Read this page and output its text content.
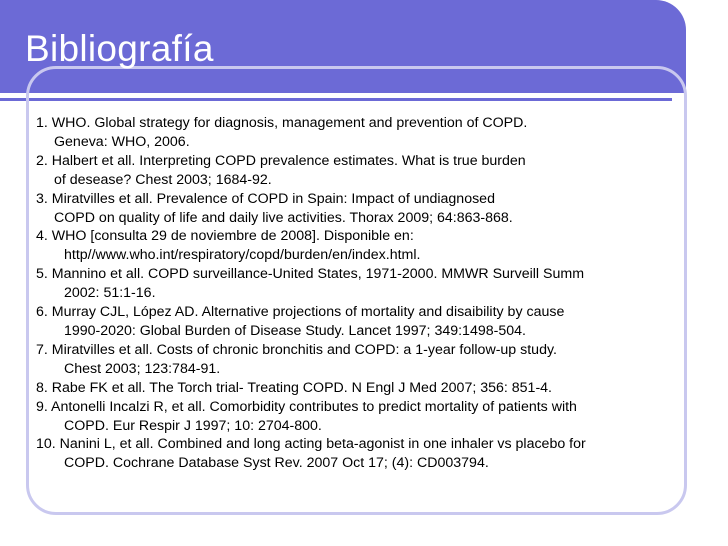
Bibliografía
1. WHO. Global strategy for diagnosis, management and prevention of COPD.
Geneva: WHO, 2006.
2. Halbert et all. Interpreting COPD prevalence estimates. What is true burden
of desease? Chest 2003; 1684-92.
3. Miratvilles et all. Prevalence of COPD in Spain: Impact of undiagnosed
COPD on quality of life and daily live activities. Thorax 2009; 64:863-868.
4. WHO [consulta 29 de noviembre de 2008]. Disponible en:
http//www.who.int/respiratory/copd/burden/en/index.html.
5. Mannino et all. COPD surveillance-United States, 1971-2000. MMWR Surveill Summ
2002: 51:1-16.
6. Murray CJL, López AD. Alternative projections of mortality and disaibility by cause
1990-2020: Global Burden of Disease Study. Lancet 1997; 349:1498-504.
7. Miratvilles et all. Costs of chronic bronchitis and COPD: a 1-year follow-up study.
Chest 2003; 123:784-91.
8. Rabe FK et all. The Torch trial- Treating COPD. N Engl J Med 2007; 356: 851-4.
9. Antonelli Incalzi R, et all. Comorbidity contributes to predict mortality of patients with
COPD. Eur Respir J 1997; 10: 2704-800.
10. Nanini L, et all. Combined and long acting beta-agonist in one inhaler vs placebo for
COPD. Cochrane Database Syst Rev. 2007 Oct 17; (4): CD003794.
